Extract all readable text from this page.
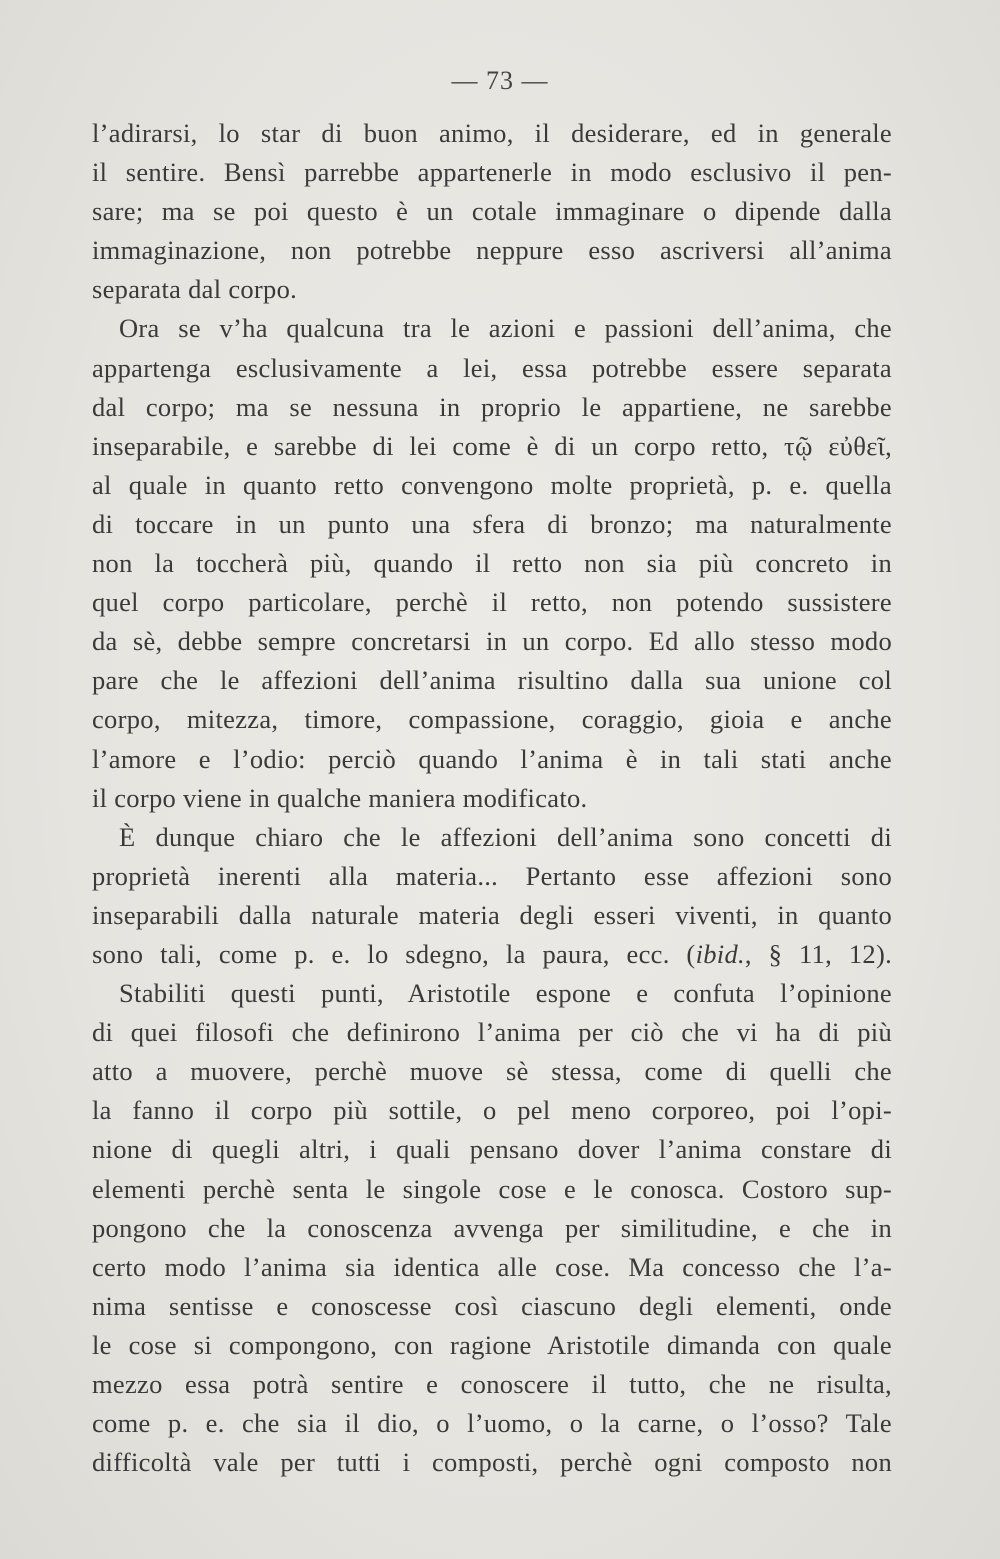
— 73 —
l’adirarsi, lo star di buon animo, il desiderare, ed in generale
il sentire. Bensì parrebbe appartenerle in modo esclusivo il pen-
sare; ma se poi questo è un cotale immaginare o dipende dalla
immaginazione, non potrebbe neppure esso ascriversi all’anima
separata dal corpo.
Ora se v’ha qualcuna tra le azioni e passioni dell’anima, che
appartenga esclusivamente a lei, essa potrebbe essere separata
dal corpo; ma se nessuna in proprio le appartiene, ne sarebbe
inseparabile, e sarebbe di lei come è di un corpo retto, τῷ εὐθεῖ,
al quale in quanto retto convengono molte proprietà, p. e. quella
di toccare in un punto una sfera di bronzo; ma naturalmente
non la toccherà più, quando il retto non sia più concreto in
quel corpo particolare, perchè il retto, non potendo sussistere
da sè, debbe sempre concretarsi in un corpo. Ed allo stesso modo
pare che le affezioni dell’anima risultino dalla sua unione col
corpo, mitezza, timore, compassione, coraggio, gioia e anche
l’amore e l’odio: perciò quando l’anima è in tali stati anche
il corpo viene in qualche maniera modificato.
È dunque chiaro che le affezioni dell’anima sono concetti di
proprietà inerenti alla materia... Pertanto esse affezioni sono
inseparabili dalla naturale materia degli esseri viventi, in quanto
sono tali, come p. e. lo sdegno, la paura, ecc. (ibid., § 11, 12).
Stabiliti questi punti, Aristotile espone e confuta l’opinione
di quei filosofi che definirono l’anima per ciò che vi ha di più
atto a muovere, perchè muove sè stessa, come di quelli che
la fanno il corpo più sottile, o pel meno corporeo, poi l’opi-
nione di quegli altri, i quali pensano dover l’anima constare di
elementi perchè senta le singole cose e le conosca. Costoro sup-
pongono che la conoscenza avvenga per similitudine, e che in
certo modo l’anima sia identica alle cose. Ma concesso che l’a-
nima sentisse e conoscesse così ciascuno degli elementi, onde
le cose si compongono, con ragione Aristotile dimanda con quale
mezzo essa potrà sentire e conoscere il tutto, che ne risulta,
come p. e. che sia il dio, o l’uomo, o la carne, o l’osso? Tale
difficoltà vale per tutti i composti, perchè ogni composto non
